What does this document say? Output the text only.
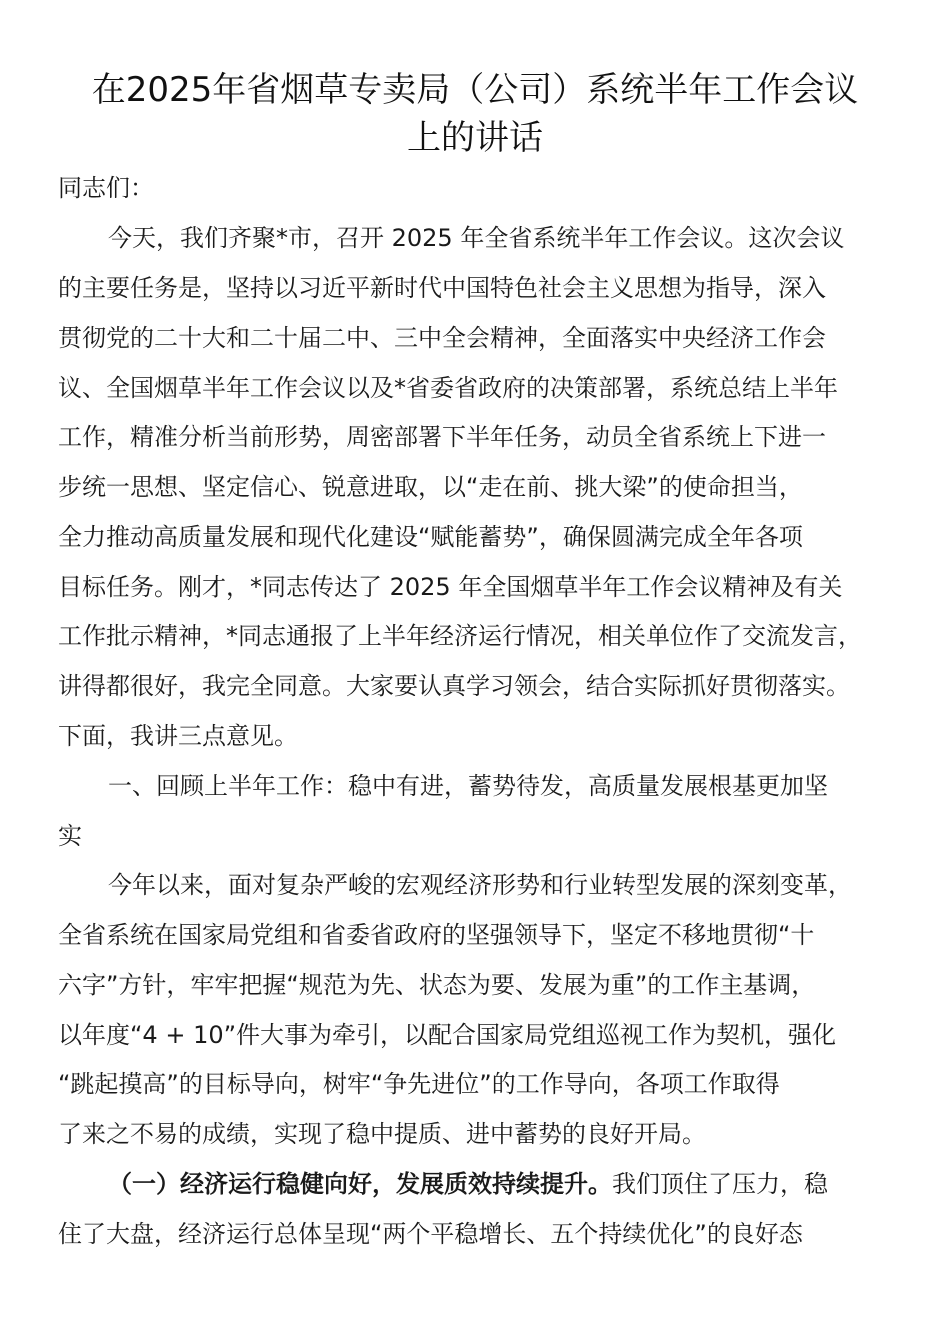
在2025年省烟草专卖局（公司）系统半年工作会议
上的讲话
同志们：
今天，我们齐聚*市，召开 2025 年全省系统半年工作会议。这次会议
的主要任务是，坚持以习近平新时代中国特色社会主义思想为指导，深入
贯彻党的二十大和二十届二中、三中全会精神，全面落实中央经济工作会
议、全国烟草半年工作会议以及*省委省政府的决策部署，系统总结上半年
工作，精准分析当前形势，周密部署下半年任务，动员全省系统上下进一
步统一思想、坚定信心、锐意进取，以“走在前、挑大梁”的使命担当，
全力推动高质量发展和现代化建设“赋能蓄势”，确保圆满完成全年各项
目标任务。刚才，*同志传达了 2025 年全国烟草半年工作会议精神及有关
工作批示精神，*同志通报了上半年经济运行情况，相关单位作了交流发言，
讲得都很好，我完全同意。大家要认真学习领会，结合实际抓好贯彻落实。
下面，我讲三点意见。
一、回顾上半年工作：稳中有进，蓄势待发，高质量发展根基更加坚
实
今年以来，面对复杂严峻的宏观经济形势和行业转型发展的深刻变革，
全省系统在国家局党组和省委省政府的坚强领导下，坚定不移地贯彻“十
六字”方针，牢牢把握“规范为先、状态为要、发展为重”的工作主基调，
以年度“4 + 10”件大事为牵引，以配合国家局党组巡视工作为契机，强化
“跳起摸高”的目标导向，树牢“争先进位”的工作导向，各项工作取得
了来之不易的成绩，实现了稳中提质、进中蓄势的良好开局。
（一）经济运行稳健向好，发展质效持续提升。我们顶住了压力，稳
住了大盘，经济运行总体呈现“两个平稳增长、五个持续优化”的良好态
